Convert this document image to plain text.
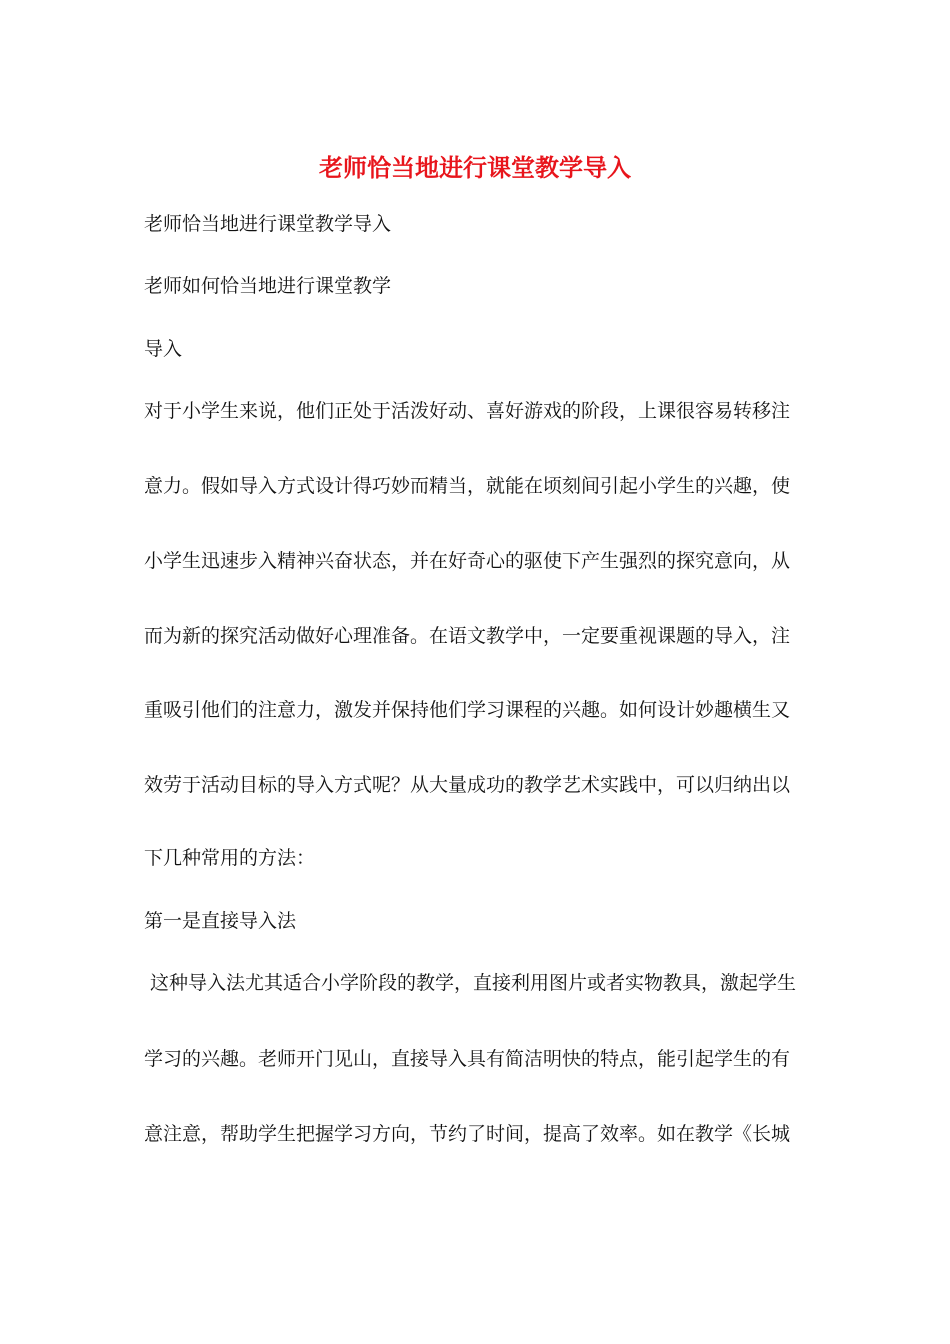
老师恰当地进行课堂教学导入
老师恰当地进行课堂教学导入
老师如何恰当地进行课堂教学
导入
对于小学生来说，他们正处于活泼好动、喜好游戏的阶段，上课很容易转移注
意力。假如导入方式设计得巧妙而精当，就能在顷刻间引起小学生的兴趣，使
小学生迅速步入精神兴奋状态，并在好奇心的驱使下产生强烈的探究意向，从
而为新的探究活动做好心理准备。在语文教学中，一定要重视课题的导入，注
重吸引他们的注意力，激发并保持他们学习课程的兴趣。如何设计妙趣横生又
效劳于活动目标的导入方式呢？从大量成功的教学艺术实践中，可以归纳出以
下几种常用的方法：
第一是直接导入法
这种导入法尤其适合小学阶段的教学，直接利用图片或者实物教具，激起学生
学习的兴趣。老师开门见山，直接导入具有简洁明快的特点，能引起学生的有
意注意，帮助学生把握学习方向，节约了时间，提高了效率。如在教学《长城
